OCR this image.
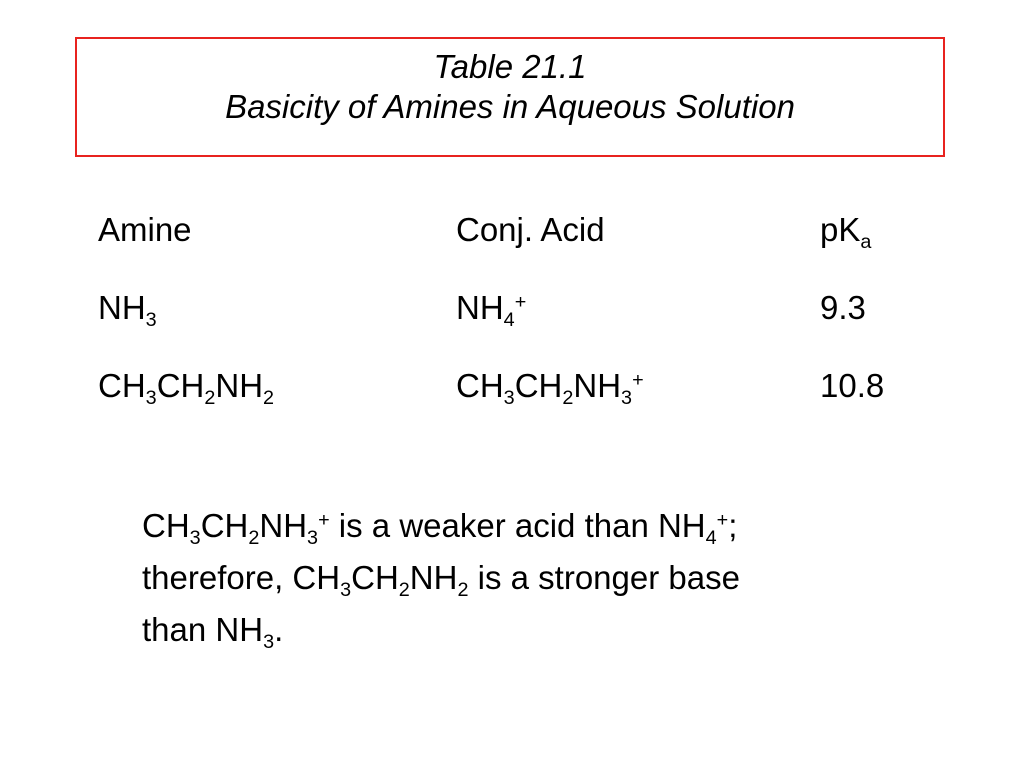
Table 21.1
Basicity of Amines in Aqueous Solution
Amine	Conj. Acid	$pK_a$
$NH_3$	$NH_4^+$	9.3
$CH_3CH_2NH_2$	$CH_3CH_2NH_3^+$	10.8
$CH_3CH_2NH_3^+$ is a weaker acid than $NH_4^+$;
therefore, $CH_3CH_2NH_2$ is a stronger base
than $NH_3$.
